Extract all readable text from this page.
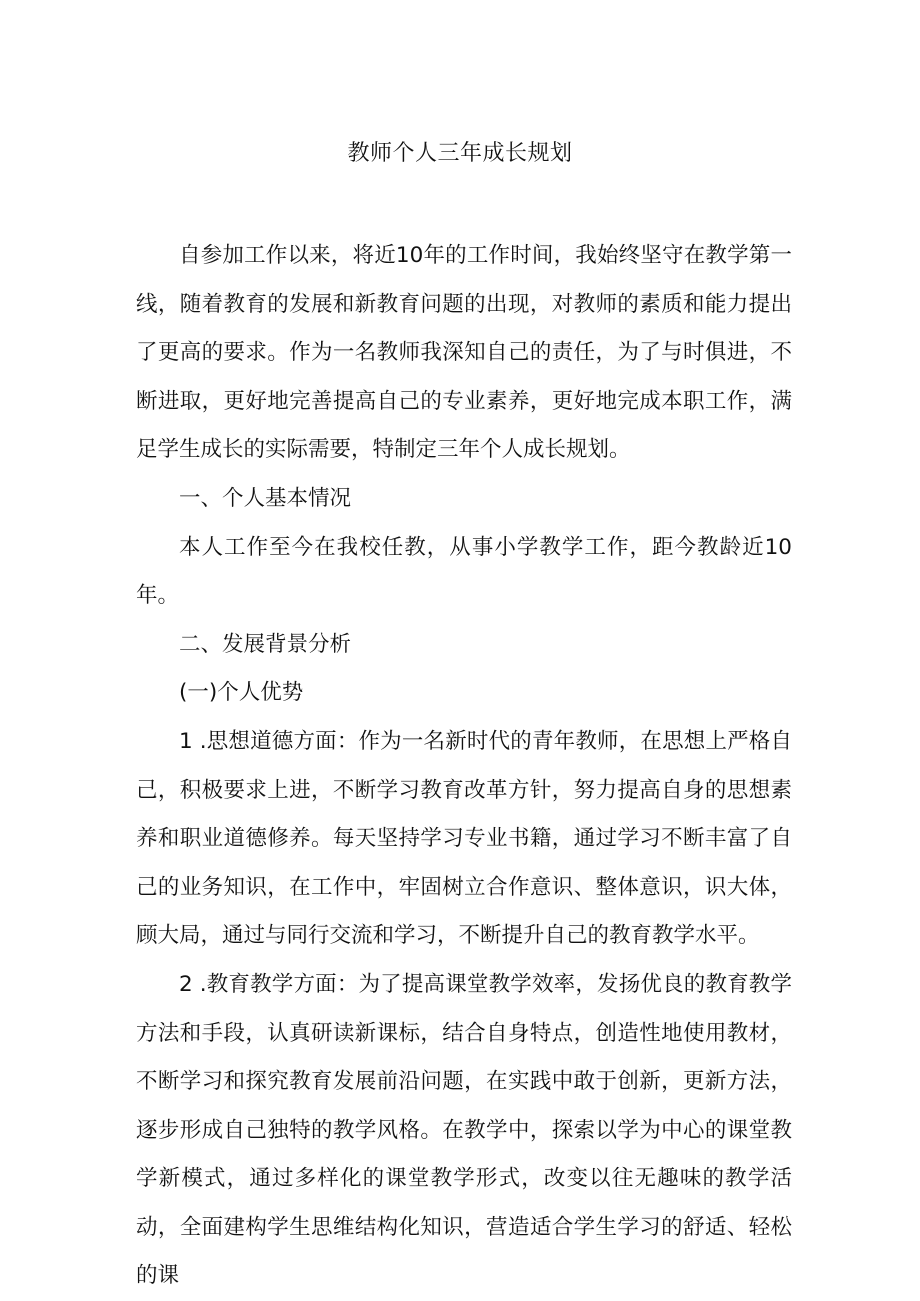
教师个人三年成长规划

自参加工作以来，将近10年的工作时间，我始终坚守在教学第一线，随着教育的发展和新教育问题的出现，对教师的素质和能力提出了更高的要求。作为一名教师我深知自己的责任，为了与时俱进，不断进取，更好地完善提高自己的专业素养，更好地完成本职工作，满足学生成长的实际需要，特制定三年个人成长规划。

一、个人基本情况

本人工作至今在我校任教，从事小学教学工作，距今教龄近10年。

二、发展背景分析

(一)个人优势

1 .思想道德方面：作为一名新时代的青年教师，在思想上严格自己，积极要求上进，不断学习教育改革方针，努力提高自身的思想素养和职业道德修养。每天坚持学习专业书籍，通过学习不断丰富了自己的业务知识，在工作中，牢固树立合作意识、整体意识，识大体，顾大局，通过与同行交流和学习，不断提升自己的教育教学水平。

2 .教育教学方面：为了提高课堂教学效率，发扬优良的教育教学方法和手段，认真研读新课标，结合自身特点，创造性地使用教材，不断学习和探究教育发展前沿问题，在实践中敢于创新，更新方法，逐步形成自己独特的教学风格。在教学中，探索以学为中心的课堂教学新模式，通过多样化的课堂教学形式，改变以往无趣味的教学活动，全面建构学生思维结构化知识，营造适合学生学习的舒适、轻松的课
